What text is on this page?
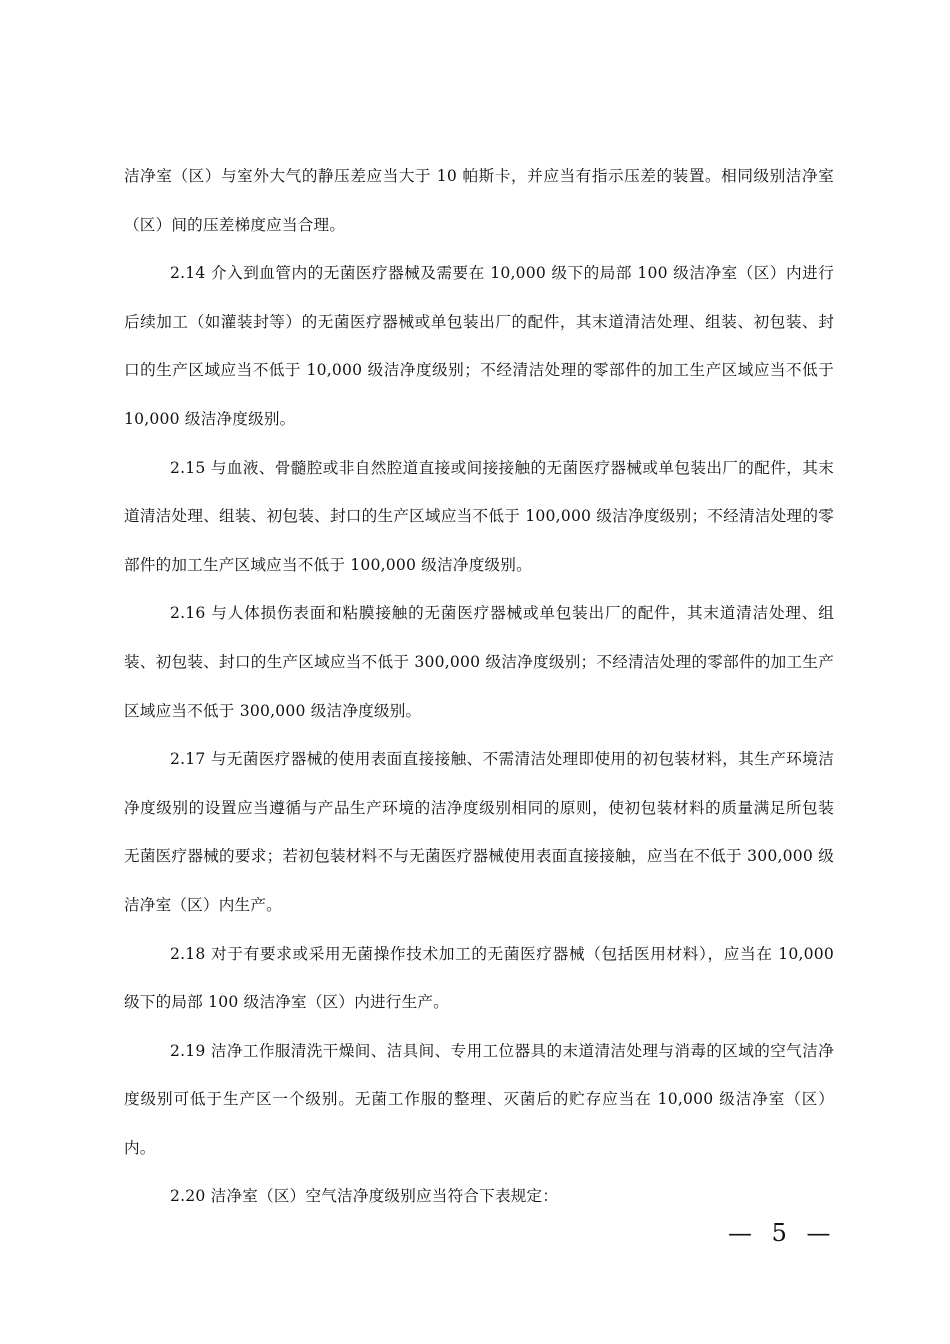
洁净室（区）与室外大气的静压差应当大于 10 帕斯卡，并应当有指示压差的装置。相同级别洁净室（区）间的压差梯度应当合理。

2.14 介入到血管内的无菌医疗器械及需要在 10,000 级下的局部 100 级洁净室（区）内进行后续加工（如灌装封等）的无菌医疗器械或单包装出厂的配件，其末道清洁处理、组装、初包装、封口的生产区域应当不低于 10,000 级洁净度级别；不经清洁处理的零部件的加工生产区域应当不低于 10,000 级洁净度级别。

2.15 与血液、骨髓腔或非自然腔道直接或间接接触的无菌医疗器械或单包装出厂的配件，其末道清洁处理、组装、初包装、封口的生产区域应当不低于 100,000 级洁净度级别；不经清洁处理的零部件的加工生产区域应当不低于 100,000 级洁净度级别。

2.16 与人体损伤表面和粘膜接触的无菌医疗器械或单包装出厂的配件，其末道清洁处理、组装、初包装、封口的生产区域应当不低于 300,000 级洁净度级别；不经清洁处理的零部件的加工生产区域应当不低于 300,000 级洁净度级别。

2.17 与无菌医疗器械的使用表面直接接触、不需清洁处理即使用的初包装材料，其生产环境洁净度级别的设置应当遵循与产品生产环境的洁净度级别相同的原则，使初包装材料的质量满足所包装无菌医疗器械的要求；若初包装材料不与无菌医疗器械使用表面直接接触，应当在不低于 300,000 级洁净室（区）内生产。

2.18 对于有要求或采用无菌操作技术加工的无菌医疗器械（包括医用材料），应当在 10,000 级下的局部 100 级洁净室（区）内进行生产。

2.19 洁净工作服清洗干燥间、洁具间、专用工位器具的末道清洁处理与消毒的区域的空气洁净度级别可低于生产区一个级别。无菌工作服的整理、灭菌后的贮存应当在 10,000 级洁净室（区）内。

2.20 洁净室（区）空气洁净度级别应当符合下表规定：

— 5 —
